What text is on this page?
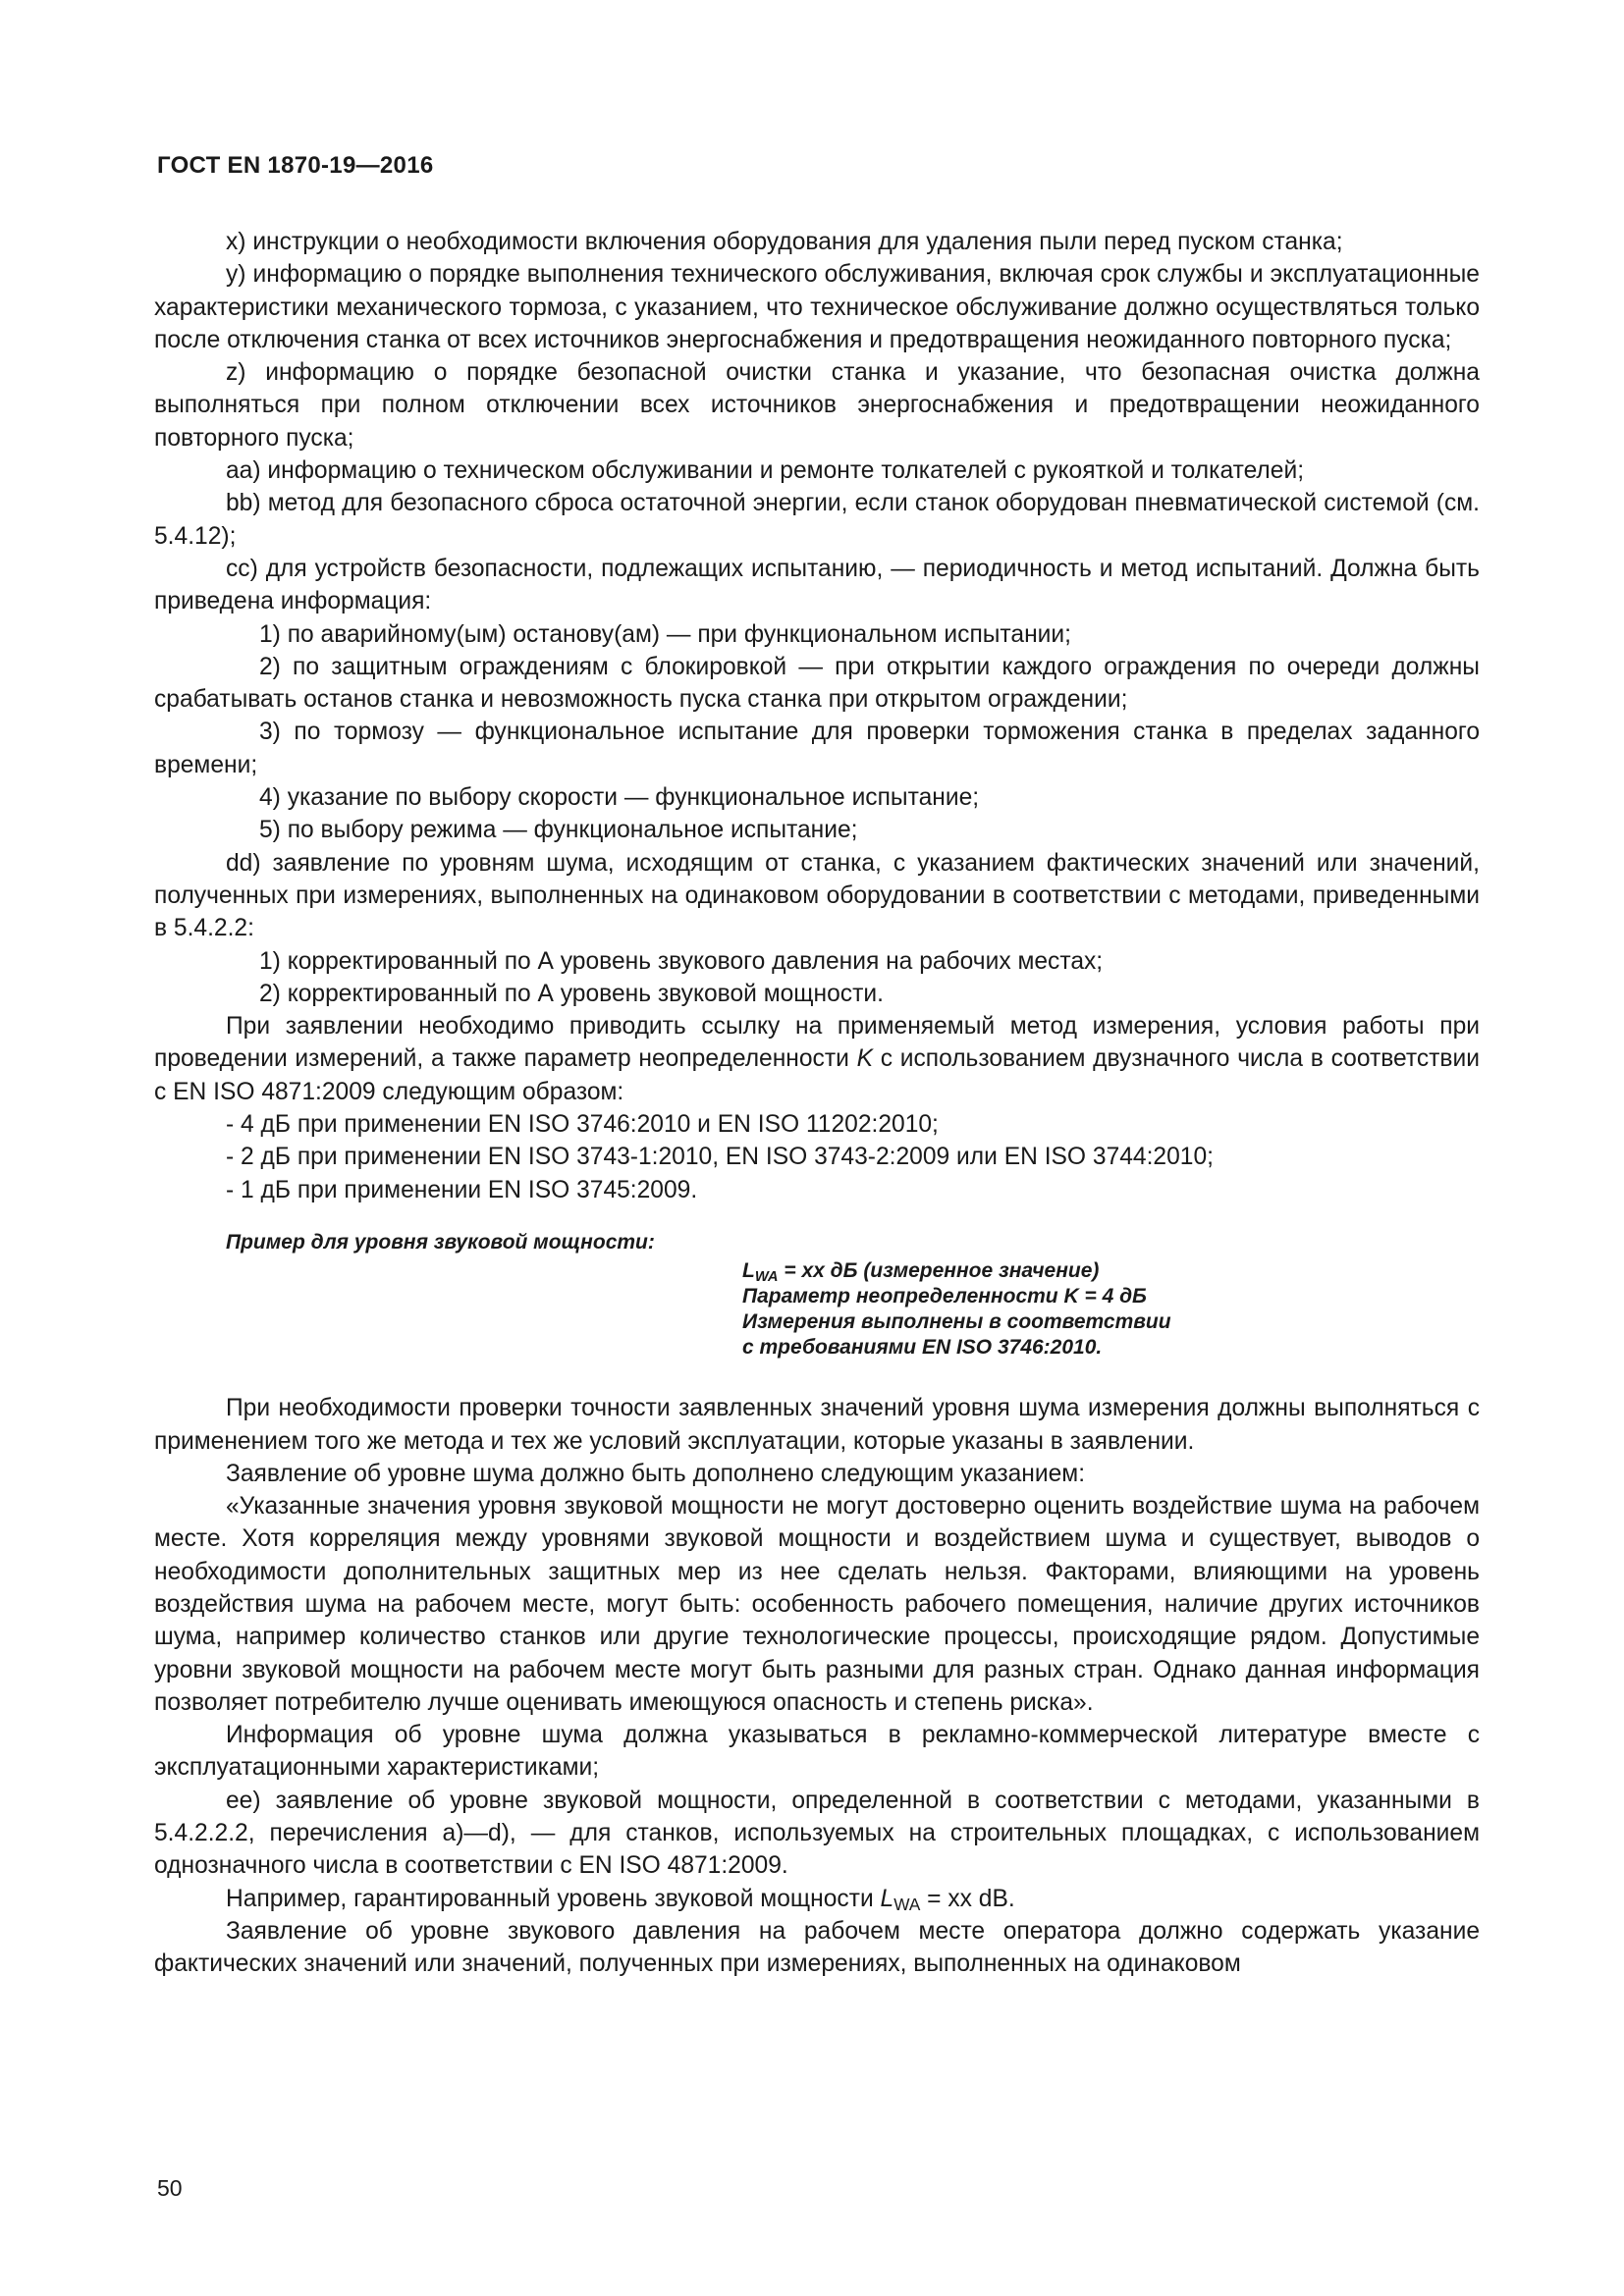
ГОСТ EN 1870-19—2016

x) инструкции о необходимости включения оборудования для удаления пыли перед пуском станка;

y) информацию о порядке выполнения технического обслуживания, включая срок службы и эксплуатационные характеристики механического тормоза, с указанием, что техническое обслуживание должно осуществляться только после отключения станка от всех источников энергоснабжения и предотвращения неожиданного повторного пуска;

z) информацию о порядке безопасной очистки станка и указание, что безопасная очистка должна выполняться при полном отключении всех источников энергоснабжения и предотвращении неожиданного повторного пуска;

aa) информацию о техническом обслуживании и ремонте толкателей с рукояткой и толкателей;

bb) метод для безопасного сброса остаточной энергии, если станок оборудован пневматической системой (см. 5.4.12);

cc) для устройств безопасности, подлежащих испытанию, — периодичность и метод испытаний. Должна быть приведена информация:

1) по аварийному(ым) останову(ам) — при функциональном испытании;

2) по защитным ограждениям с блокировкой — при открытии каждого ограждения по очереди должны срабатывать останов станка и невозможность пуска станка при открытом ограждении;

3) по тормозу — функциональное испытание для проверки торможения станка в пределах заданного времени;

4) указание по выбору скорости — функциональное испытание;

5) по выбору режима — функциональное испытание;

dd) заявление по уровням шума, исходящим от станка, с указанием фактических значений или значений, полученных при измерениях, выполненных на одинаковом оборудовании в соответствии с методами, приведенными в 5.4.2.2:

1) корректированный по А уровень звукового давления на рабочих местах;

2) корректированный по А уровень звуковой мощности.

При заявлении необходимо приводить ссылку на применяемый метод измерения, условия работы при проведении измерений, а также параметр неопределенности K с использованием двузначного числа в соответствии с EN ISO 4871:2009 следующим образом:

- 4 дБ при применении EN ISO 3746:2010 и EN ISO 11202:2010;

- 2 дБ при применении EN ISO 3743-1:2010, EN ISO 3743-2:2009 или EN ISO 3744:2010;

- 1 дБ при применении EN ISO 3745:2009.

Пример для уровня звуковой мощности:
$L_{WA}$ = xx дБ (измеренное значение)
Параметр неопределенности K = 4 дБ
Измерения выполнены в соответствии
с требованиями EN ISO 3746:2010.

При необходимости проверки точности заявленных значений уровня шума измерения должны выполняться с применением того же метода и тех же условий эксплуатации, которые указаны в заявлении.

Заявление об уровне шума должно быть дополнено следующим указанием:

«Указанные значения уровня звуковой мощности не могут достоверно оценить воздействие шума на рабочем месте. Хотя корреляция между уровнями звуковой мощности и воздействием шума и существует, выводов о необходимости дополнительных защитных мер из нее сделать нельзя. Факторами, влияющими на уровень воздействия шума на рабочем месте, могут быть: особенность рабочего помещения, наличие других источников шума, например количество станков или другие технологические процессы, происходящие рядом. Допустимые уровни звуковой мощности на рабочем месте могут быть разными для разных стран. Однако данная информация позволяет потребителю лучше оценивать имеющуюся опасность и степень риска».

Информация об уровне шума должна указываться в рекламно-коммерческой литературе вместе с эксплуатационными характеристиками;

ee) заявление об уровне звуковой мощности, определенной в соответствии с методами, указанными в 5.4.2.2.2, перечисления a)—d), — для станков, используемых на строительных площадках, с использованием однозначного числа в соответствии с EN ISO 4871:2009.

Например, гарантированный уровень звуковой мощности $L_{WA}$ = xx dB.

Заявление об уровне звукового давления на рабочем месте оператора должно содержать указание фактических значений или значений, полученных при измерениях, выполненных на одинаковом

50
